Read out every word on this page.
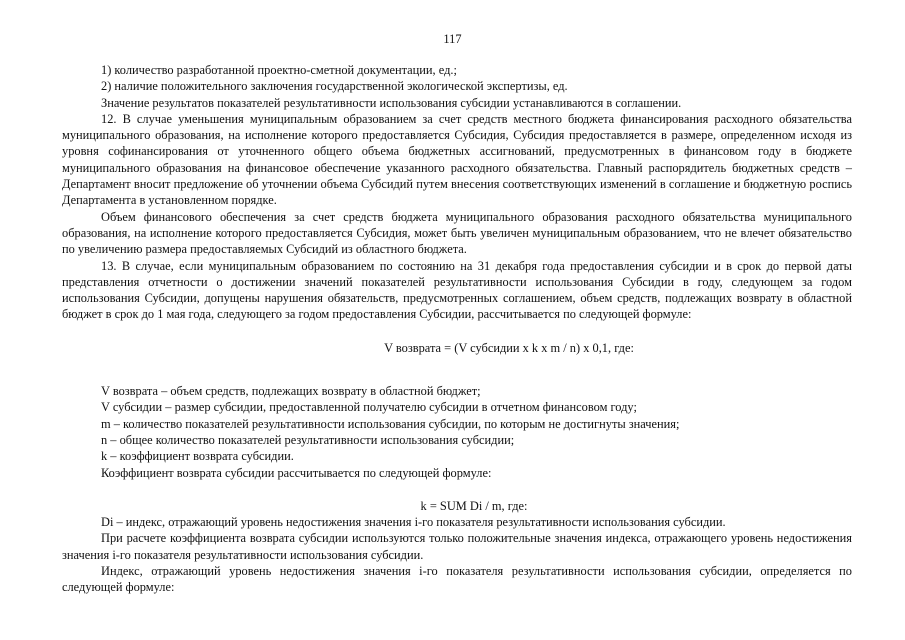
117

1) количество разработанной проектно-сметной документации, ед.;

2) наличие положительного заключения государственной экологической экспертизы, ед.

Значение результатов показателей результативности использования субсидии устанавливаются в соглашении.

12. В случае уменьшения муниципальным образованием за счет средств местного бюджета финансирования расходного обязательства муниципального образования, на исполнение которого предоставляется Субсидия, Субсидия предоставляется в размере, определенном исходя из уровня софинансирования от уточненного общего объема бюджетных ассигнований, предусмотренных в финансовом году в бюджете муниципального образования на финансовое обеспечение указанного расходного обязательства. Главный распорядитель бюджетных средств – Департамент вносит предложение об уточнении объема Субсидий путем внесения соответствующих изменений в соглашение и бюджетную роспись Департамента в установленном порядке.

Объем финансового обеспечения за счет средств бюджета муниципального образования расходного обязательства муниципального образования, на исполнение которого предоставляется Субсидия, может быть увеличен муниципальным образованием, что не влечет обязательство по увеличению размера предоставляемых Субсидий из областного бюджета.

13. В случае, если муниципальным образованием по состоянию на 31 декабря года предоставления субсидии и в срок до первой даты представления отчетности о достижении значений показателей результативности использования Субсидии в году, следующем за годом использования Субсидии, допущены нарушения обязательств, предусмотренных соглашением, объем средств, подлежащих возврату в областной бюджет в срок до 1 мая года, следующего за годом предоставления Субсидии, рассчитывается по следующей формуле:

V возврата = (V субсидии x k x m / n) x 0,1, где:

V возврата – объем средств, подлежащих возврату в областной бюджет;

V субсидии – размер субсидии, предоставленной получателю субсидии в отчетном финансовом году;

m – количество показателей результативности использования субсидии, по которым не достигнуты значения;

n – общее количество показателей результативности использования субсидии;

k – коэффициент возврата субсидии.

Коэффициент возврата субсидии рассчитывается по следующей формуле:

k = SUM Di / m, где:

Di – индекс, отражающий уровень недостижения значения i-го показателя результативности использования субсидии.

При расчете коэффициента возврата субсидии используются только положительные значения индекса, отражающего уровень недостижения значения i-го показателя результативности использования субсидии.

Индекс, отражающий уровень недостижения значения i-го показателя результативности использования субсидии, определяется по следующей формуле:
